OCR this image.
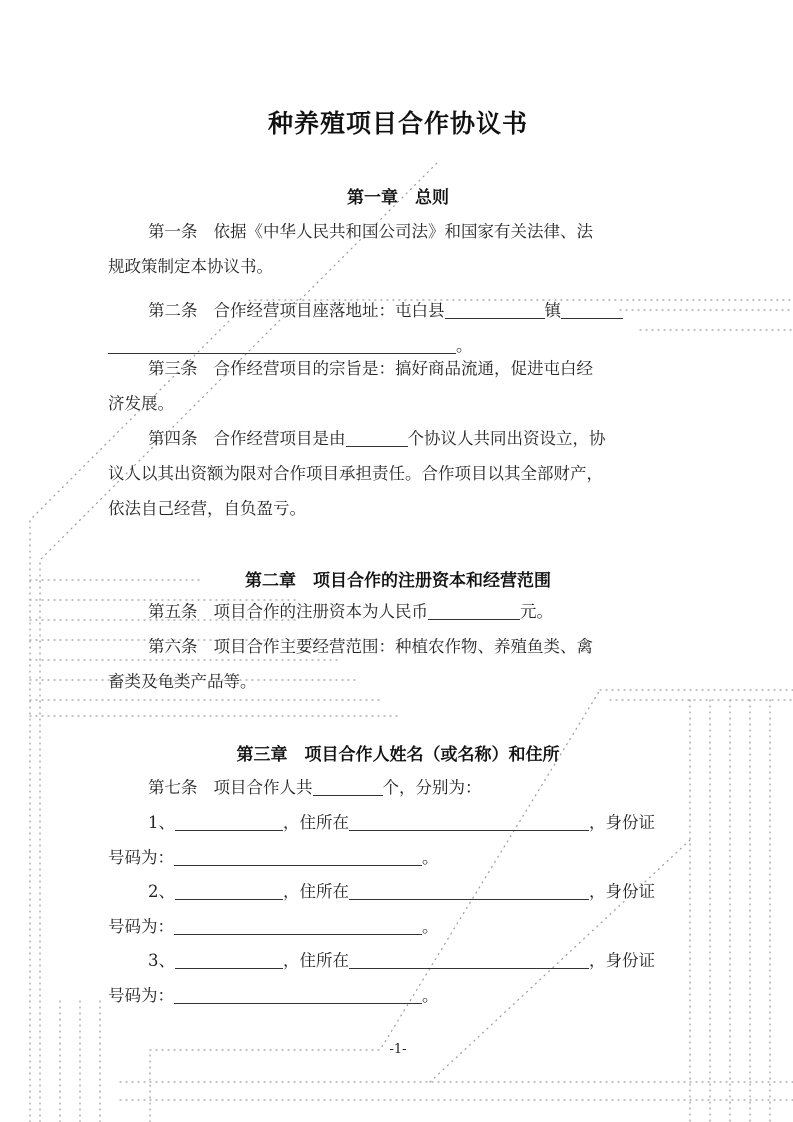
种养殖项目合作协议书
第一章　总则
第一条 依据《中华人民共和国公司法》和国家有关法律、法
规政策制定本协议书。
第二条 合作经营项目座落地址：屯白县	镇
。
第三条 合作经营项目的宗旨是：搞好商品流通，促进屯白经
济发展。
第四条 合作经营项目是由	个协议人共同出资设立，协
议人以其出资额为限对合作项目承担责任。合作项目以其全部财产，
依法自己经营，自负盈亏。
第二章　项目合作的注册资本和经营范围
第五条 项目合作的注册资本为人民币	元。
第六条 项目合作主要经营范围：种植农作物、养殖鱼类、禽
畜类及龟类产品等。
第三章　项目合作人姓名（或名称）和住所
第七条 项目合作人共	个，分别为：
1、	，住所在	，身份证
号码为：	。
2、	，住所在	，身份证
号码为：	。
3、	，住所在	，身份证
号码为：	。
-1-
